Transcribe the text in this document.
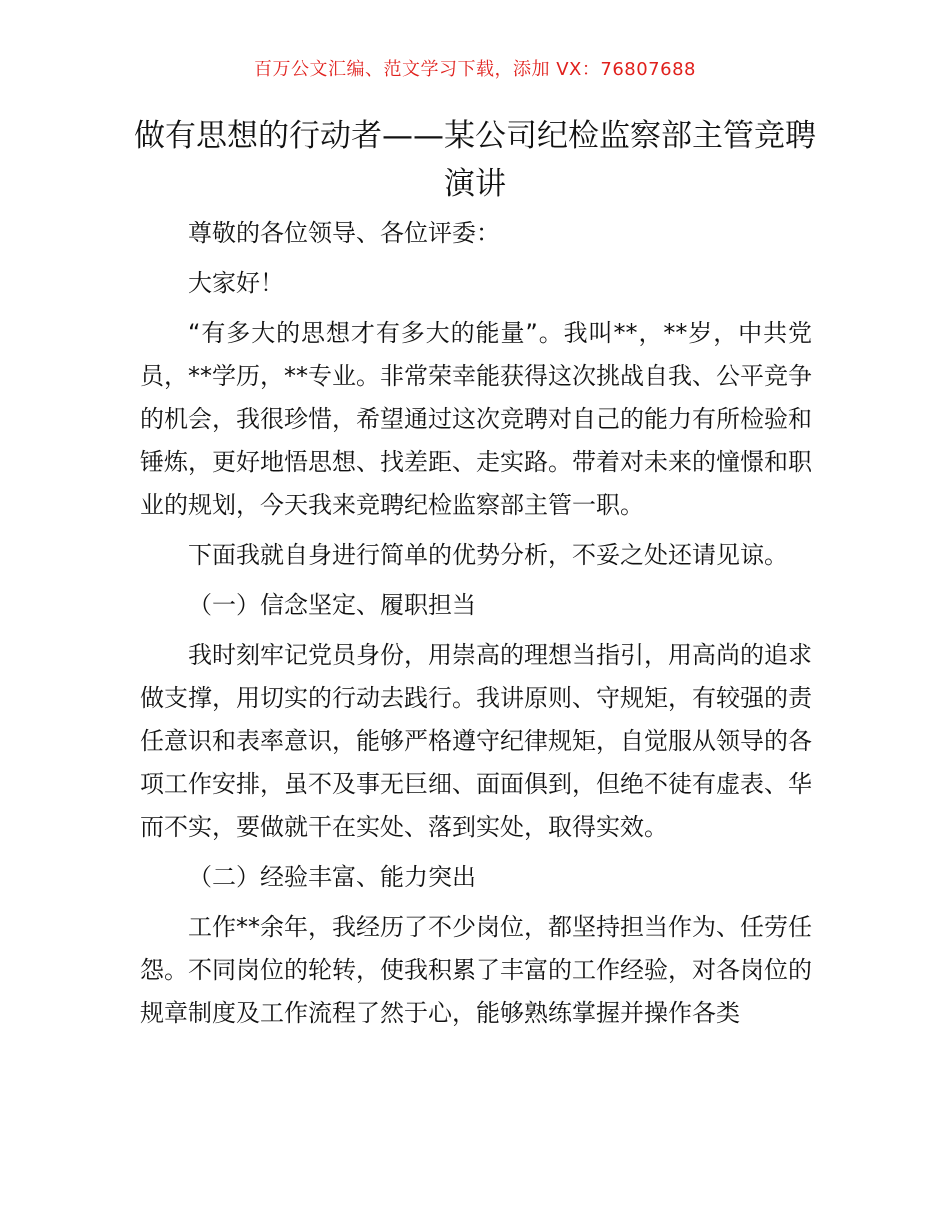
百万公文汇编、范文学习下载，添加 VX：76807688
做有思想的行动者——某公司纪检监察部主管竞聘演讲

尊敬的各位领导、各位评委：

大家好！

“有多大的思想才有多大的能量”。我叫**，**岁，中共党员，**学历，**专业。非常荣幸能获得这次挑战自我、公平竞争的机会，我很珍惜，希望通过这次竞聘对自己的能力有所检验和锤炼，更好地悟思想、找差距、走实路。带着对未来的憧憬和职业的规划，今天我来竞聘纪检监察部主管一职。

下面我就自身进行简单的优势分析，不妥之处还请见谅。

（一）信念坚定、履职担当

我时刻牢记党员身份，用崇高的理想当指引，用高尚的追求做支撑，用切实的行动去践行。我讲原则、守规矩，有较强的责任意识和表率意识，能够严格遵守纪律规矩，自觉服从领导的各项工作安排，虽不及事无巨细、面面俱到，但绝不徒有虚表、华而不实，要做就干在实处、落到实处，取得实效。

（二）经验丰富、能力突出

工作**余年，我经历了不少岗位，都坚持担当作为、任劳任怨。不同岗位的轮转，使我积累了丰富的工作经验，对各岗位的规章制度及工作流程了然于心，能够熟练掌握并操作各类
